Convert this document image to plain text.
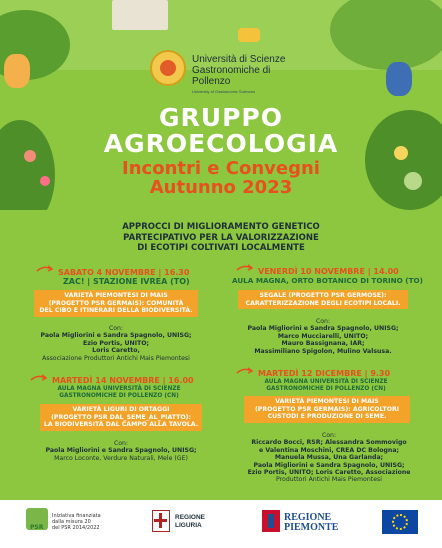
Università di Scienze
Gastronomiche di Pollenzo
University of Gastronomic Sciences
GRUPPO
AGROECOLOGIA
Incontri e Convegni
Autunno 2023
APPROCCI DI MIGLIORAMENTO GENETICO
PARTECIPATIVO PER LA VALORIZZAZIONE
DI ECOTIPI COLTIVATI LOCALMENTE
SABATO 4 NOVEMBRE | 16.30
ZAC! | STAZIONE IVREA (TO)
VARIETÀ PIEMONTESI DI MAIS
(PROGETTO PSR GERMAIS): COMUNITÀ
DEL CIBO E ITINERARI DELLA BIODIVERSITÀ.
Con:
Paola Migliorini e Sandra Spagnolo, UNISG;
Ezio Portis, UNITO;
Loris Caretto,
Associazione Produttori Antichi Mais Piemontesi
VENERDÌ 10 NOVEMBRE | 14.00
AULA MAGNA, ORTO BOTANICO DI TORINO (TO)
SEGALE (PROGETTO PSR GERMOSE):
CARATTERIZZAZIONE DEGLI ECOTIPI LOCALI.
Con:
Paola Migliorini e Sandra Spagnolo, UNISG;
Marco Mucciarelli, UNITO;
Mauro Bassignana, IAR;
Massimiliano Spigolon, Mulino Valsusa.
MARTEDÌ 14 NOVEMBRE | 16.00
AULA MAGNA UNIVERSITÀ DI SCIENZE
GASTRONOMICHE DI POLLENZO (CN)
VARIETÀ LIGURI DI ORTAGGI
(PROGETTO PSR DAL_SEME_AL_PIATTO):
LA BIODIVERSITÀ DAL CAMPO ALLA TAVOLA.
Con:
Paola Migliorini e Sandra Spagnolo, UNISG;
Marco Loconte, Verdure Naturali, Mele (GE)
MARTEDÌ 12 DICEMBRE | 9.30
AULA MAGNA UNIVERSITÀ DI SCIENZE
GASTRONOMICHE DI POLLENZO (CN)
VARIETÀ PIEMONTESI DI MAIS
(PROGETTO PSR GERMAIS): AGRICOLTORI
CUSTODI E PRODUZIONE DI SEME.
Con:
Riccardo Bocci, RSR; Alessandra Sommovigo
e Valentina Moschini, CREA DC Bologna;
Manuela Mussa, Una Garlanda;
Paola Migliorini e Sandra Spagnolo, UNISG;
Ezio Portis, UNITO; Loris Caretto, Associazione
Produttori Antichi Mais Piemontesi
PSR
Iniziativa finanziata
dalla misura 20
del PSR 2014/2022
REGIONE
LIGURIA
REGIONE
PIEMONTE
